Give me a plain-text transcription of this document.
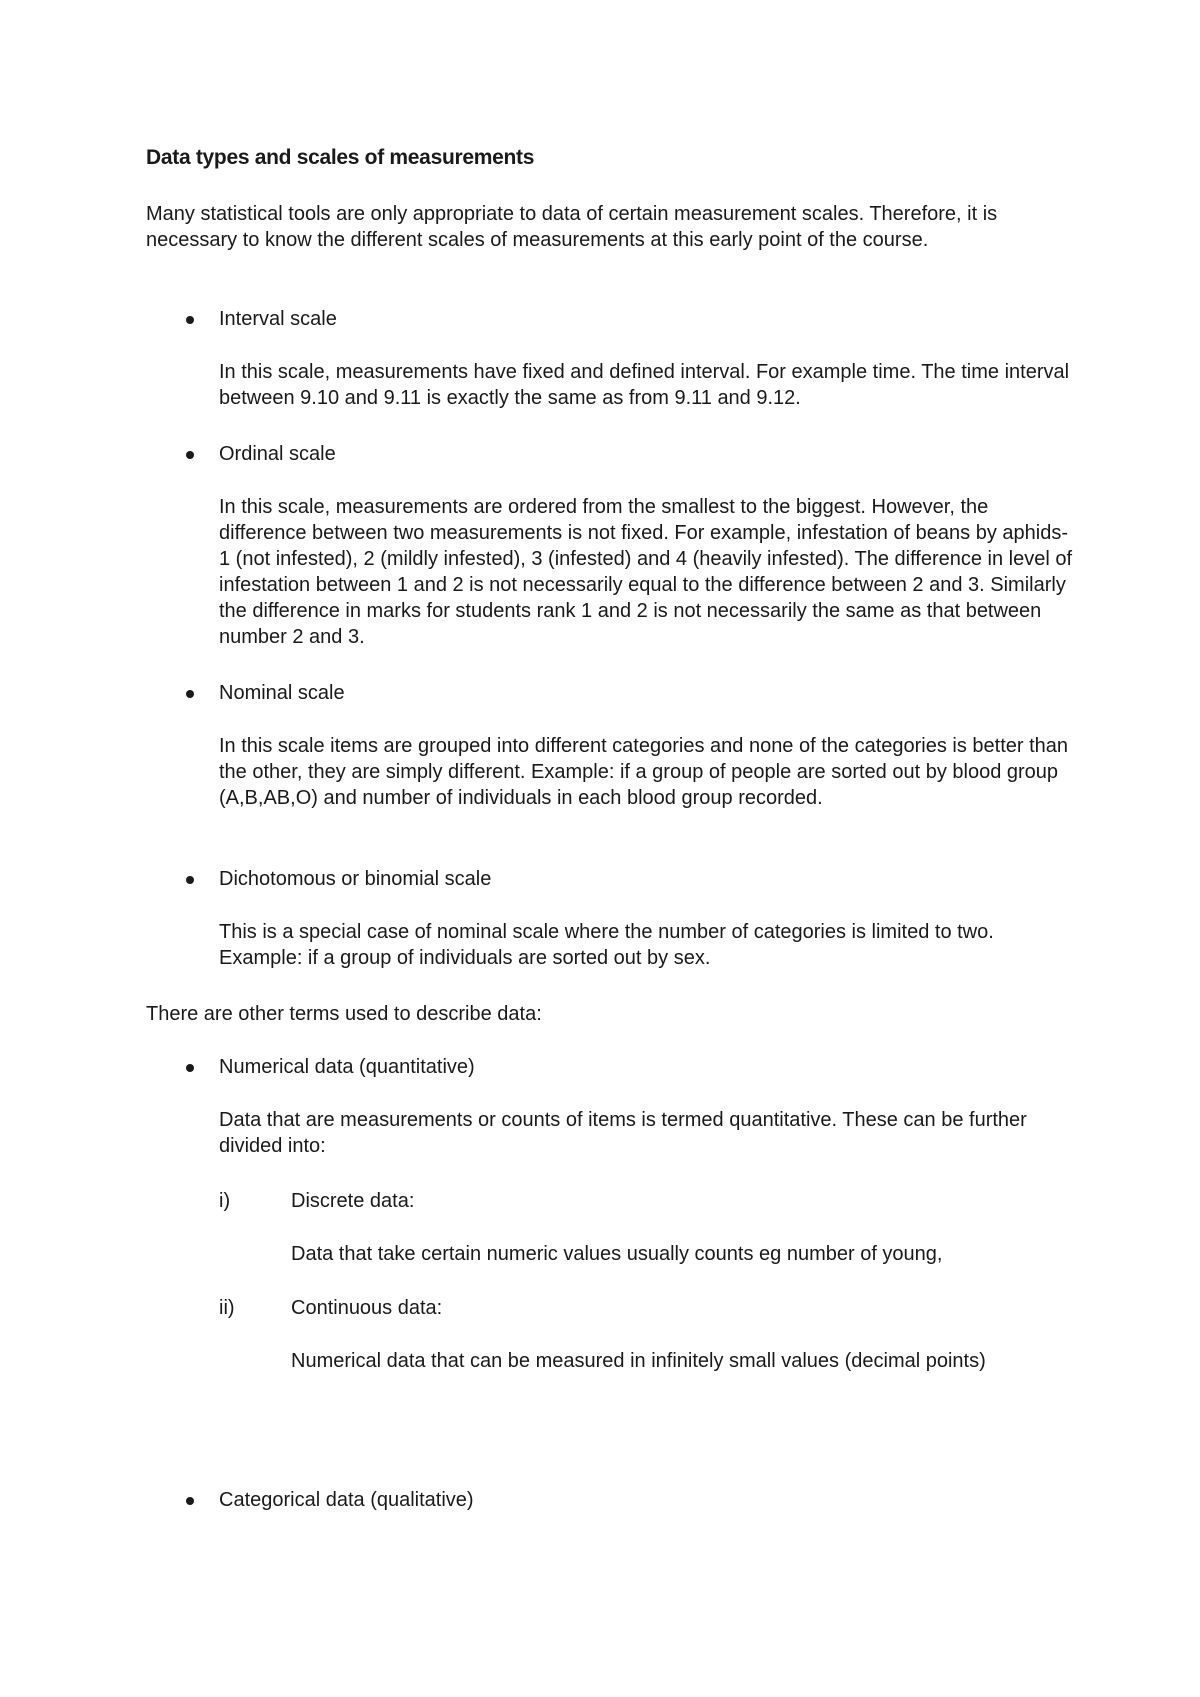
Data types and scales of measurements

Many statistical tools are only appropriate to data of certain measurement scales. Therefore, it is necessary to know the different scales of measurements at this early point of the course.

Interval scale

In this scale, measurements have fixed and defined interval. For example time. The time interval between 9.10 and 9.11 is exactly the same as from 9.11 and 9.12.

Ordinal scale

In this scale, measurements are ordered from the smallest to the biggest. However, the difference between two measurements is not fixed. For example, infestation of beans by aphids- 1 (not infested), 2 (mildly infested), 3 (infested) and 4 (heavily infested). The difference in level of infestation between 1 and 2 is not necessarily equal to the difference between 2 and 3. Similarly the difference in marks for students rank 1 and 2 is not necessarily the same as that between number 2 and 3.

Nominal scale

In this scale items are grouped into different categories and none of the categories is better than the other, they are simply different. Example: if a group of people are sorted out by blood group (A,B,AB,O) and number of individuals in each blood group recorded.

Dichotomous or binomial scale

This is a special case of nominal scale where the number of categories is limited to two. Example: if a group of individuals are sorted out by sex.

There are other terms used to describe data:

Numerical data (quantitative)

Data that are measurements or counts of items is termed quantitative. These can be further divided into:

i)	Discrete data:

Data that take certain numeric values usually counts eg number of young,

ii)	Continuous data:

Numerical data that can be measured in infinitely small values (decimal points)

Categorical data (qualitative)
